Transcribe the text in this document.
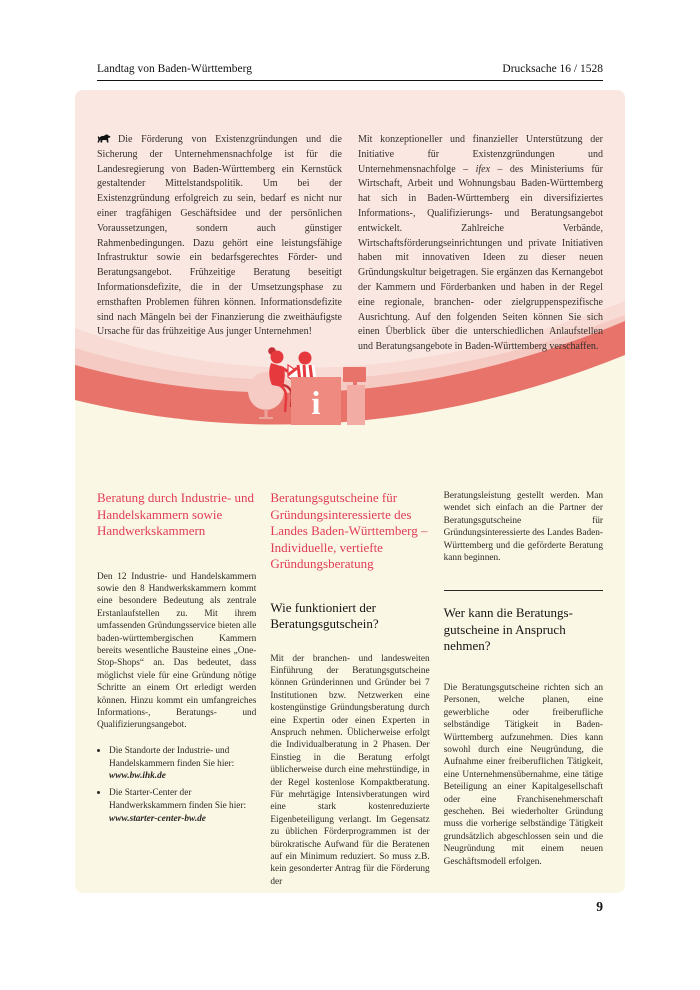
Landtag von Baden-Württemberg	Drucksache 16 / 1528
i

Die Förderung von Existenzgründungen und die Sicherung der Unternehmensnachfolge ist für die Landesregierung von Baden-Württemberg ein Kernstück gestaltender Mittelstandspolitik. Um bei der Existenzgründung erfolgreich zu sein, bedarf es nicht nur einer tragfähigen Geschäftsidee und der persönlichen Voraussetzungen, sondern auch günstiger Rahmenbedingungen. Dazu gehört eine leistungsfähige Infrastruktur sowie ein bedarfsgerechtes Förder- und Beratungsangebot. Frühzeitige Beratung beseitigt Informationsdefizite, die in der Umsetzungsphase zu ernsthaften Problemen führen können. Informationsdefizite sind nach Mängeln bei der Finanzierung die zweithäufigste Ursache für das frühzeitige Aus junger Unternehmen!

Mit konzeptioneller und finanzieller Unterstützung der Initiative für Existenzgründungen und Unternehmensnachfolge – ifex – des Ministeriums für Wirtschaft, Arbeit und Wohnungsbau Baden-Württemberg hat sich in Baden-Württemberg ein diversifiziertes Informations-, Qualifizierungs- und Beratungsangebot entwickelt. Zahlreiche Verbände, Wirtschaftsförderungseinrichtungen und private Initiativen haben mit innovativen Ideen zu dieser neuen Gründungskultur beigetragen. Sie ergänzen das Kernangebot der Kammern und Förderbanken und haben in der Regel eine regionale, branchen- oder zielgruppenspezifische Ausrichtung. Auf den folgenden Seiten können Sie sich einen Überblick über die unterschiedlichen Anlaufstellen und Beratungsangebote in Baden-Württemberg verschaffen.

Beratung durch Industrie- und Handelskammern sowie Handwerkskammern

Den 12 Industrie- und Handelskammern sowie den 8 Handwerkskammern kommt eine besondere Bedeutung als zentrale Erstanlaufstellen zu. Mit ihrem umfassenden Gründungsservice bieten alle baden-württembergischen Kammern bereits wesentliche Bausteine eines „One-Stop-Shops“ an. Das bedeutet, dass möglichst viele für eine Gründung nötige Schritte an einem Ort erledigt werden können. Hinzu kommt ein umfangreiches Informations-, Beratungs- und Qualifizierungsangebot.

• Die Standorte der Industrie- und Handelskammern finden Sie hier:
www.bw.ihk.de
• Die Starter-Center der Handwerkskammern finden Sie hier:
www.starter-center-bw.de
Beratungsgutscheine für Gründungsinteressierte des Landes Baden-Württemberg – Individuelle, vertiefte Gründungsberatung
Wie funktioniert der Beratungsgutschein?

Mit der branchen- und landesweiten Einführung der Beratungsgutscheine können Gründerinnen und Gründer bei 7 Institutionen bzw. Netzwerken eine kostengünstige Gründungsberatung durch eine Expertin oder einen Experten in Anspruch nehmen. Üblicherweise erfolgt die Individualberatung in 2 Phasen. Der Einstieg in die Beratung erfolgt üblicherweise durch eine mehrstündige, in der Regel kostenlose Kompaktberatung. Für mehrtägige Intensivberatungen wird eine stark kostenreduzierte Eigenbeteiligung verlangt. Im Gegensatz zu üblichen Förderprogrammen ist der bürokratische Aufwand für die Beratenen auf ein Minimum reduziert. So muss z.B. kein gesonderter Antrag für die Förderung der

Beratungsleistung gestellt werden. Man wendet sich einfach an die Partner der Beratungsgutscheine für Gründungsinteressierte des Landes Baden-Württemberg und die geförderte Beratung kann beginnen.

Wer kann die Beratungsgutscheine in Anspruch nehmen?

Die Beratungsgutscheine richten sich an Personen, welche planen, eine gewerbliche oder freiberufliche selbständige Tätigkeit in Baden-Württemberg aufzunehmen. Dies kann sowohl durch eine Neugründung, die Aufnahme einer freiberuflichen Tätigkeit, eine Unternehmensübernahme, eine tätige Beteiligung an einer Kapitalgesellschaft oder eine Franchisenehmerschaft geschehen. Bei wiederholter Gründung muss die vorherige selbständige Tätigkeit grundsätzlich abgeschlossen sein und die Neugründung mit einem neuen Geschäftsmodell erfolgen.

9
